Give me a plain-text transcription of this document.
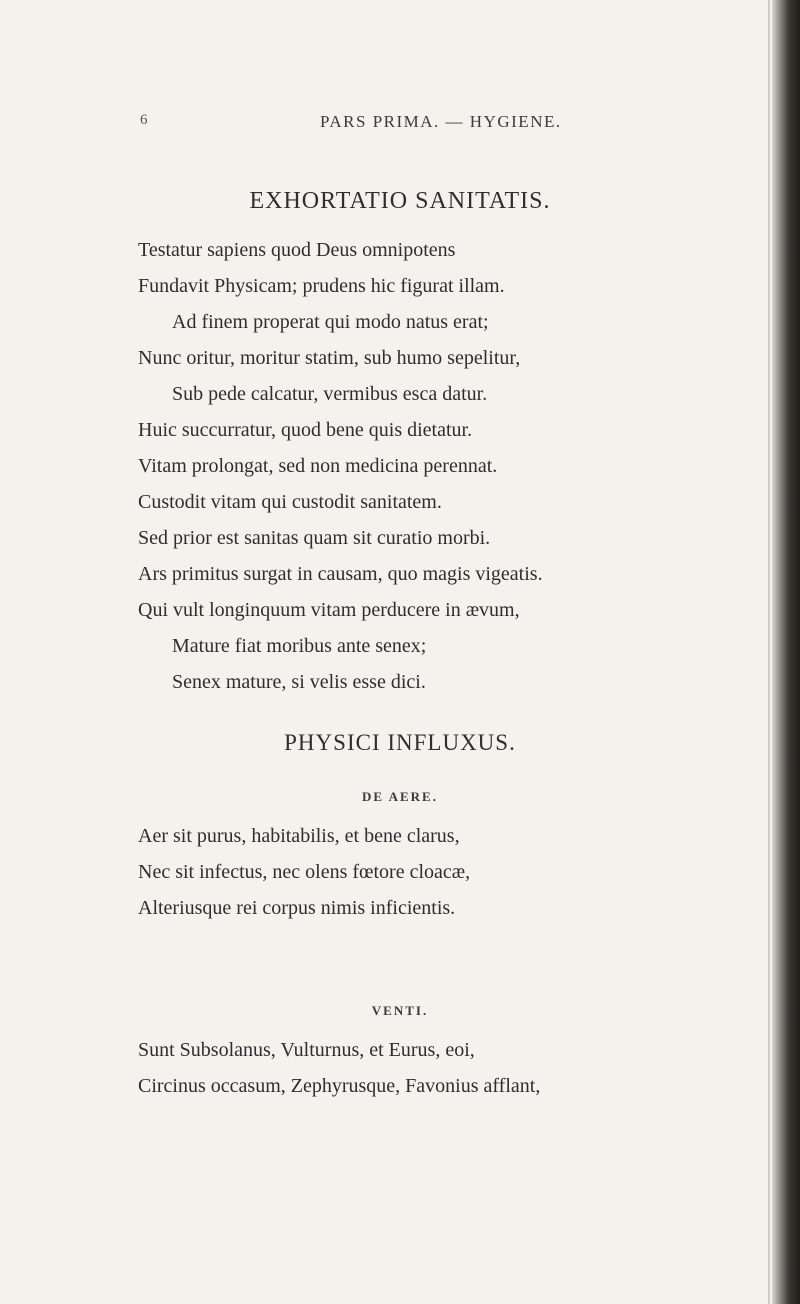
6	PARS PRIMA. — HYGIENE.
EXHORTATIO SANITATIS.
Testatur sapiens quod Deus omnipotens
Fundavit Physicam; prudens hic figurat illam.
Ad finem properat qui modo natus erat;
Nunc oritur, moritur statim, sub humo sepelitur,
Sub pede calcatur, vermibus esca datur.
Huic succurratur, quod bene quis dietatur.
Vitam prolongat, sed non medicina perennat.
Custodit vitam qui custodit sanitatem.
Sed prior est sanitas quam sit curatio morbi.
Ars primitus surgat in causam, quo magis vigeatis.
Qui vult longinquum vitam perducere in ævum,
Mature fiat moribus ante senex;
Senex mature, si velis esse dici.
PHYSICI INFLUXUS.
DE AERE.
Aer sit purus, habitabilis, et bene clarus,
Nec sit infectus, nec olens fœtore cloacæ,
Alteriusque rei corpus nimis inficientis.
VENTI.
Sunt Subsolanus, Vulturnus, et Eurus, eoi,
Circinus occasum, Zephyrusque, Favonius afflant,
